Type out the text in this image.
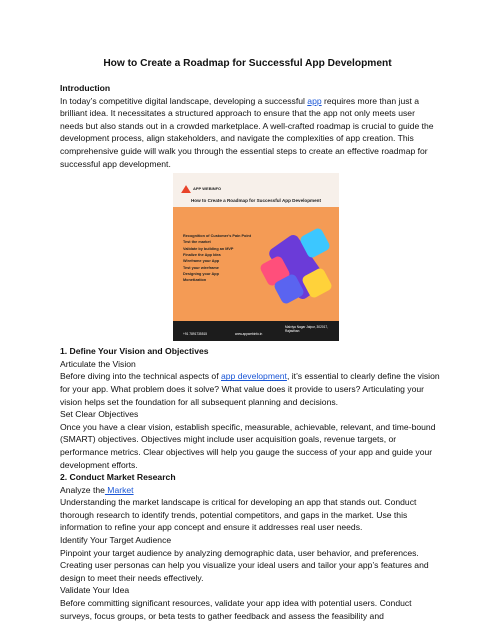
How to Create a Roadmap for Successful App Development

Introduction

In today’s competitive digital landscape, developing a successful app requires more than just a brilliant idea. It necessitates a structured approach to ensure that the app not only meets user needs but also stands out in a crowded marketplace. A well-crafted roadmap is crucial to guide the development process, align stakeholders, and navigate the complexities of app creation. This comprehensive guide will walk you through the essential steps to create an effective roadmap for successful app development.

APP WEBINFO
How to Create a Roadmap for Successful App Development
Recognition of Customer's Pain Point
Test the market
Validate by building an MVP
Finalize the App Idea
Wireframe your App
Test your wireframe
Designing your App
Monetization
+91 7891735515	www.appwebinfo.in
Malviya Nagar Jaipur, 302017, Rajasthan

1. Define Your Vision and Objectives

Articulate the Vision

Before diving into the technical aspects of app development, it’s essential to clearly define the vision for your app. What problem does it solve? What value does it provide to users? Articulating your vision helps set the foundation for all subsequent planning and decisions.

Set Clear Objectives

Once you have a clear vision, establish specific, measurable, achievable, relevant, and time-bound (SMART) objectives. Objectives might include user acquisition goals, revenue targets, or performance metrics. Clear objectives will help you gauge the success of your app and guide your development efforts.

2. Conduct Market Research

Analyze the Market

Understanding the market landscape is critical for developing an app that stands out. Conduct thorough research to identify trends, potential competitors, and gaps in the market. Use this information to refine your app concept and ensure it addresses real user needs.

Identify Your Target Audience

Pinpoint your target audience by analyzing demographic data, user behavior, and preferences. Creating user personas can help you visualize your ideal users and tailor your app’s features and design to meet their needs effectively.

Validate Your Idea

Before committing significant resources, validate your app idea with potential users. Conduct surveys, focus groups, or beta tests to gather feedback and assess the feasibility and
